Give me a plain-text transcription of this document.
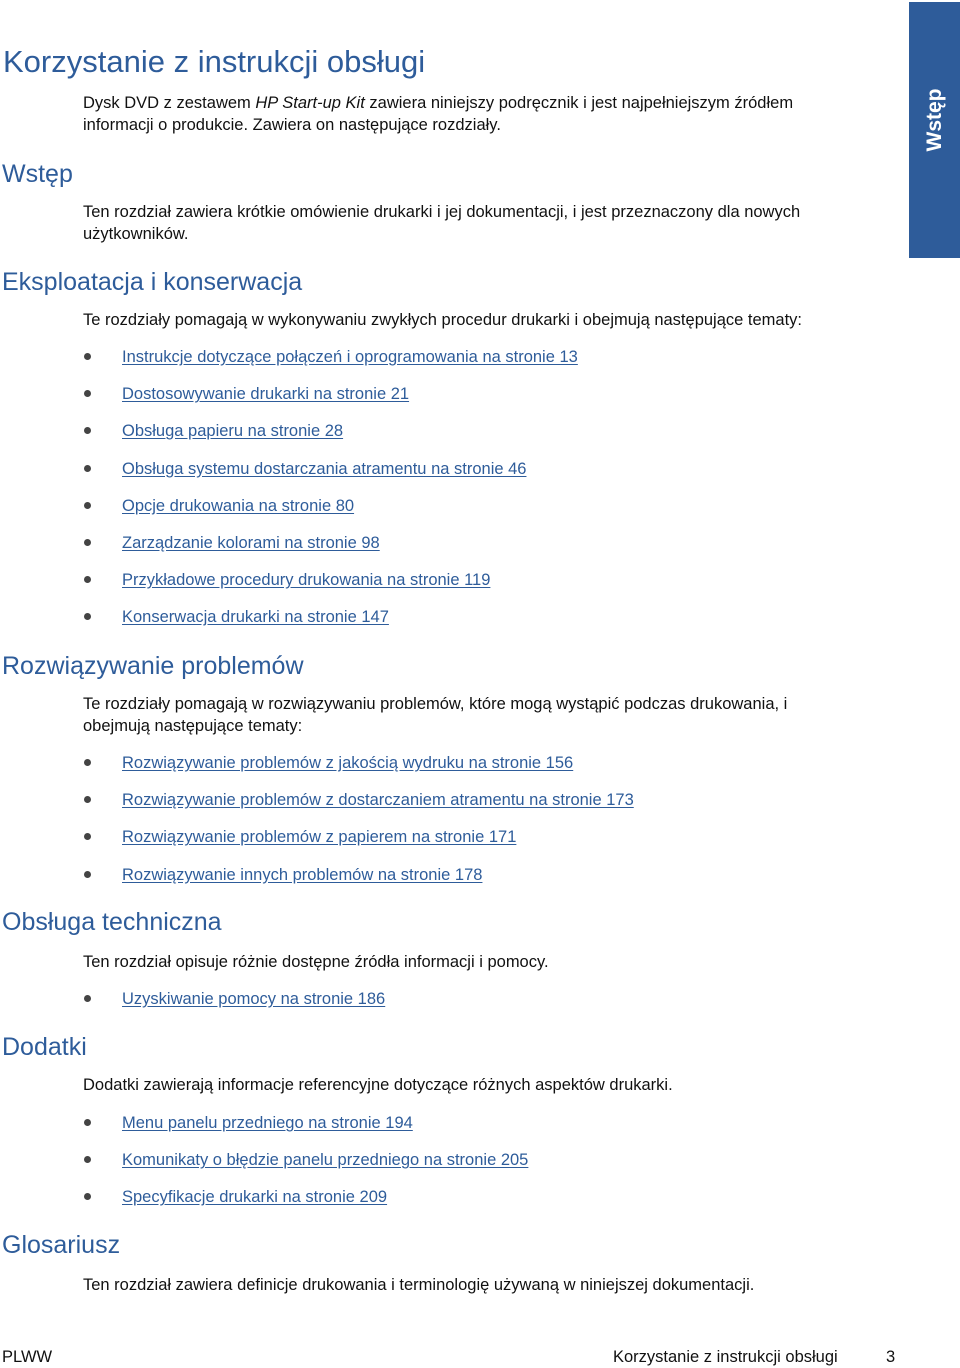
Wstęp
Korzystanie z instrukcji obsługi

Dysk DVD z zestawem HP Start-up Kit zawiera niniejszy podręcznik i jest najpełniejszym źródłem informacji o produkcie. Zawiera on następujące rozdziały.

Wstęp

Ten rozdział zawiera krótkie omówienie drukarki i jej dokumentacji, i jest przeznaczony dla nowych użytkowników.

Eksploatacja i konserwacja

Te rozdziały pomagają w wykonywaniu zwykłych procedur drukarki i obejmują następujące tematy:

Instrukcje dotyczące połączeń i oprogramowania na stronie 13
Dostosowywanie drukarki na stronie 21
Obsługa papieru na stronie 28
Obsługa systemu dostarczania atramentu na stronie 46
Opcje drukowania na stronie 80
Zarządzanie kolorami na stronie 98
Przykładowe procedury drukowania na stronie 119
Konserwacja drukarki na stronie 147
Rozwiązywanie problemów

Te rozdziały pomagają w rozwiązywaniu problemów, które mogą wystąpić podczas drukowania, i obejmują następujące tematy:

Rozwiązywanie problemów z jakością wydruku na stronie 156
Rozwiązywanie problemów z dostarczaniem atramentu na stronie 173
Rozwiązywanie problemów z papierem na stronie 171
Rozwiązywanie innych problemów na stronie 178
Obsługa techniczna

Ten rozdział opisuje różnie dostępne źródła informacji i pomocy.

Uzyskiwanie pomocy na stronie 186
Dodatki

Dodatki zawierają informacje referencyjne dotyczące różnych aspektów drukarki.

Menu panelu przedniego na stronie 194
Komunikaty o błędzie panelu przedniego na stronie 205
Specyfikacje drukarki na stronie 209
Glosariusz

Ten rozdział zawiera definicje drukowania i terminologię używaną w niniejszej dokumentacji.

PLWW	Korzystanie z instrukcji obsługi	3
